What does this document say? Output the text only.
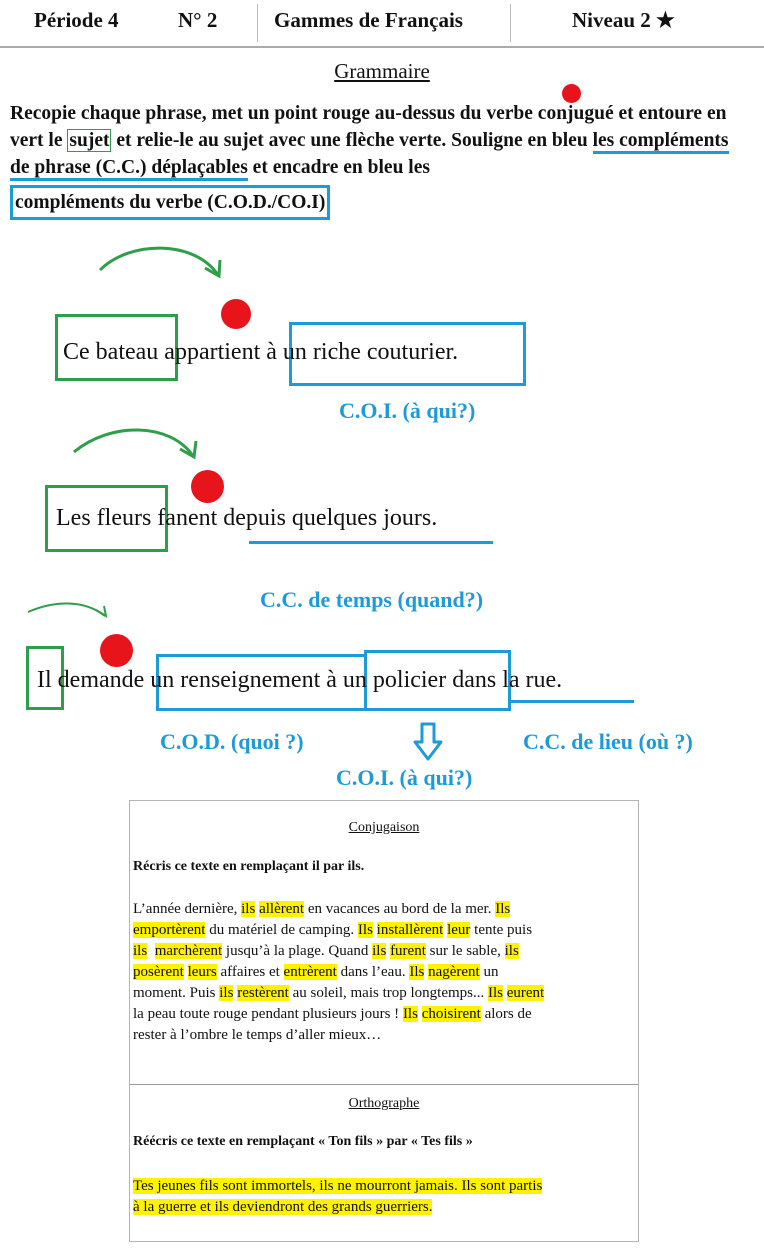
Période 4	N° 2	Gammes de Français	Niveau 2 ★
Grammaire
Recopie chaque phrase, met un point rouge au-dessus du verbe conjugué et entoure en vert le sujet et relie-le au sujet avec une flèche verte. Souligne en bleu les compléments de phrase (C.C.) déplaçables et encadre en bleu les
compléments du verbe (C.O.D./CO.I)
Ce bateau appartient à un riche couturier.
C.O.I. (à qui?)
Les fleurs fanent depuis quelques jours.
C.C. de temps (quand?)
Il demande un renseignement à un policier dans la rue.
C.O.D. (quoi ?)	C.C. de lieu (où ?)
C.O.I. (à qui?)
Conjugaison
Récris ce texte en remplaçant il par ils.
L’année dernière, ils allèrent en vacances au bord de la mer. Ils
emportèrent du matériel de camping. Ils installèrent leur tente puis
ils marchèrent jusqu’à la plage. Quand ils furent sur le sable, ils
posèrent leurs affaires et entrèrent dans l’eau. Ils nagèrent un
moment. Puis ils restèrent au soleil, mais trop longtemps... Ils eurent
la peau toute rouge pendant plusieurs jours ! Ils choisirent alors de
rester à l’ombre le temps d’aller mieux…
Orthographe
Réécris ce texte en remplaçant « Ton fils » par « Tes fils »
Tes jeunes fils sont immortels, ils ne mourront jamais. Ils sont partis
à la guerre et ils deviendront des grands guerriers.
